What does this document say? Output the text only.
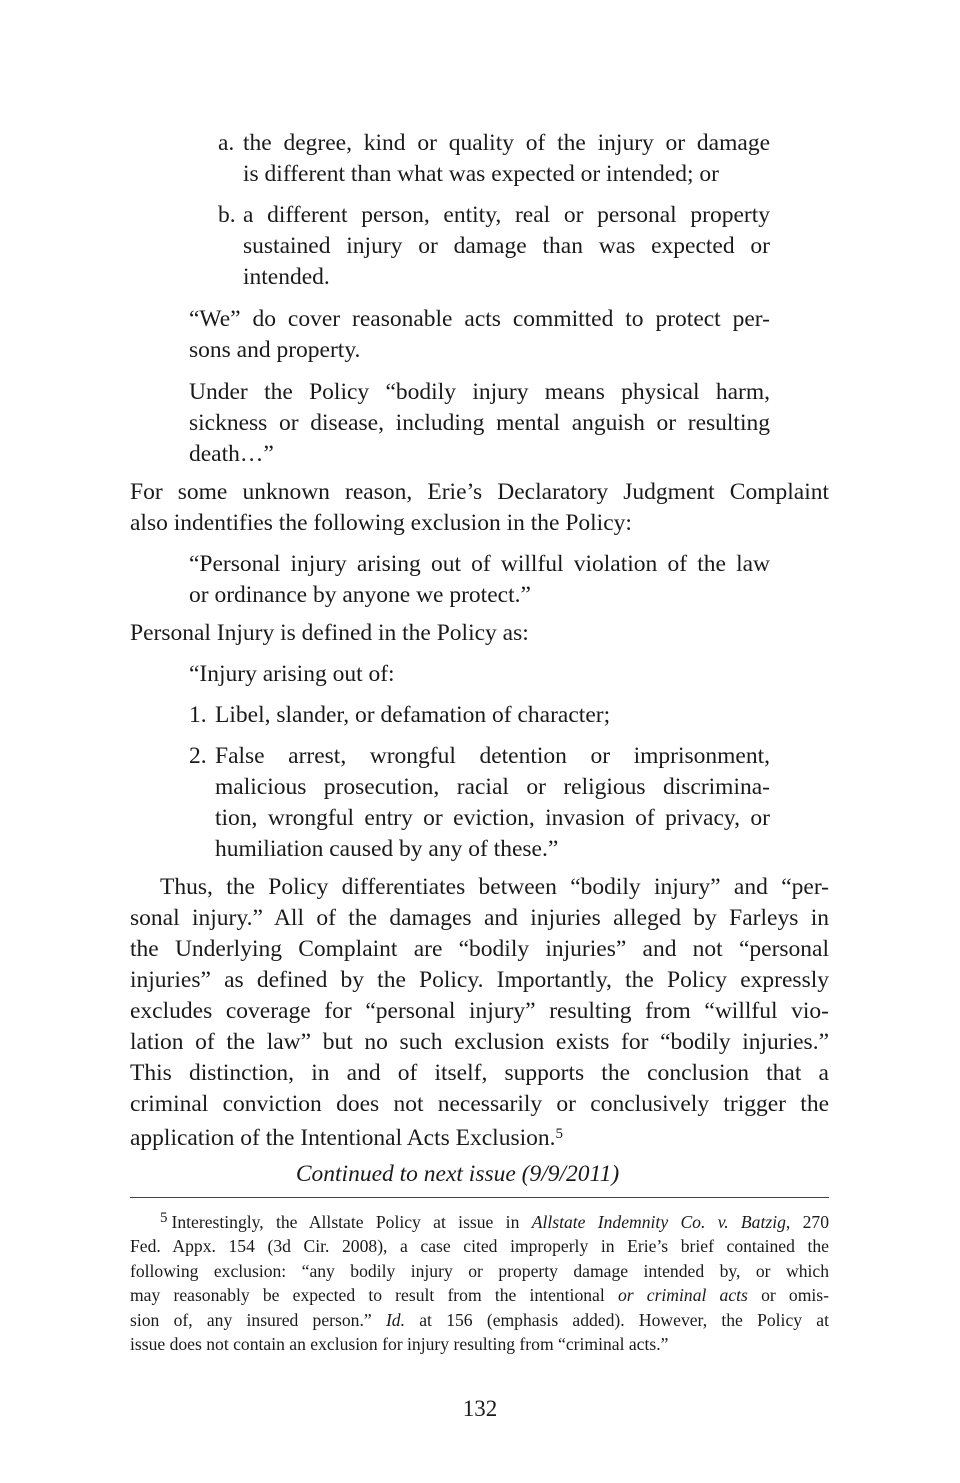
a. the degree, kind or quality of the injury or damage
is different than what was expected or intended; or
b. a different person, entity, real or personal property
sustained injury or damage than was expected or
intended.
“We” do cover reasonable acts committed to protect per-
sons and property.
Under the Policy “bodily injury means physical harm,
sickness or disease, including mental anguish or resulting
death…”
For some unknown reason, Erie’s Declaratory Judgment Complaint
also indentifies the following exclusion in the Policy:
“Personal injury arising out of willful violation of the law
or ordinance by anyone we protect.”
Personal Injury is defined in the Policy as:
“Injury arising out of:
1. Libel, slander, or defamation of character;
2. False arrest, wrongful detention or imprisonment,
malicious prosecution, racial or religious discrimina-
tion, wrongful entry or eviction, invasion of privacy, or
humiliation caused by any of these.”
Thus, the Policy differentiates between “bodily injury” and “per-
sonal injury.” All of the damages and injuries alleged by Farleys in
the Underlying Complaint are “bodily injuries” and not “personal
injuries” as defined by the Policy. Importantly, the Policy expressly
excludes coverage for “personal injury” resulting from “willful vio-
lation of the law” but no such exclusion exists for “bodily injuries.”
This distinction, in and of itself, supports the conclusion that a
criminal conviction does not necessarily or conclusively trigger the
application of the Intentional Acts Exclusion.$^5$
Continued to next issue (9/9/2011)
$^5$ Interestingly, the Allstate Policy at issue in Allstate Indemnity Co. v. Batzig, 270
Fed. Appx. 154 (3d Cir. 2008), a case cited improperly in Erie’s brief contained the
following exclusion: “any bodily injury or property damage intended by, or which
may reasonably be expected to result from the intentional or criminal acts or omis-
sion of, any insured person.” Id. at 156 (emphasis added). However, the Policy at
issue does not contain an exclusion for injury resulting from “criminal acts.”
132
